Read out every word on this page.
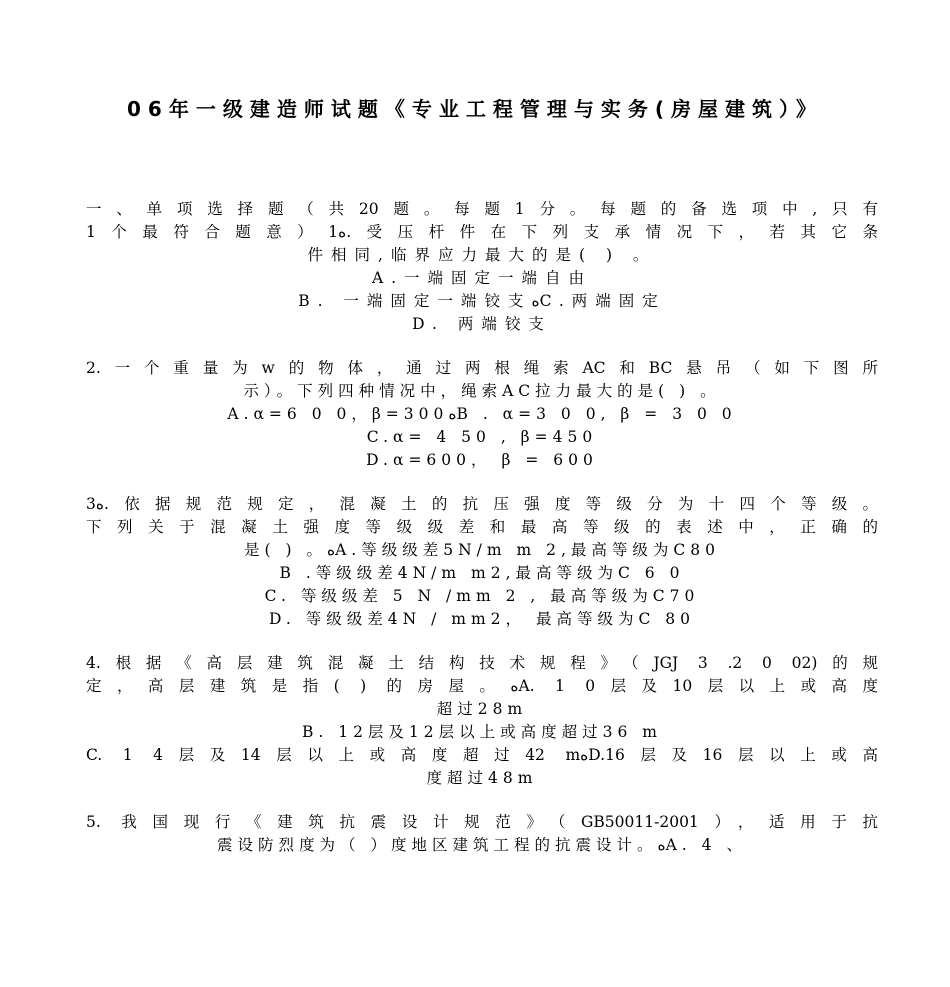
06年一级建造师试题《专业工程管理与实务(房屋建筑）》
一、单项选择题（共20题。每题1分。每题的备选项中,只有
1个最符合题意）1ه.受压杆件在下列支承情况下，若其它条
件相同,临界应力最大的是( ) 。
A.一端固定一端自由
B. 一端固定一端铰支ﻩC.两端固定
D. 两端铰支
2.一个重量为w的物体，通过两根绳索AC和BC悬吊（如下图所
示）。下列四种情况中，绳索AC拉力最大的是( ) 。
A.α=6 0 0，β=300ﻩB . α=3 0 0, β = 3 0 0
C.α= 4 50 , β=450
D.α=600， β = 600
3ﻩ.依据规范规定，混凝土的抗压强度等级分为十四个等级。
下列关于混凝土强度等级级差和最高等级的表述中，正确的
是( ) 。ﻩA.等级级差5N/m m 2,最高等级为C80
B .等级级差4N/m m2,最高等级为C 6 0
C. 等级级差 5 N /mm 2 , 最高等级为C70
D. 等级级差4N / mm2， 最高等级为C 80
4.根据《高层建筑混凝土结构技术规程》（JGJ 3 .2 0 02)的规
定，高层建筑是指( ) 的房屋。ﻩA. 1 0层及10层以上或高度
超过28m
B. 12层及12层以上或高度超过36 m
C. 1 4层及14层以上或高度超过42 mﻩD.16层及16层以上或高
度超过48m
5. 我国现行《建筑抗震设计规范》（GB50011-2001），适用于抗
震设防烈度为（ ）度地区建筑工程的抗震设计。ﻩA. 4 、
